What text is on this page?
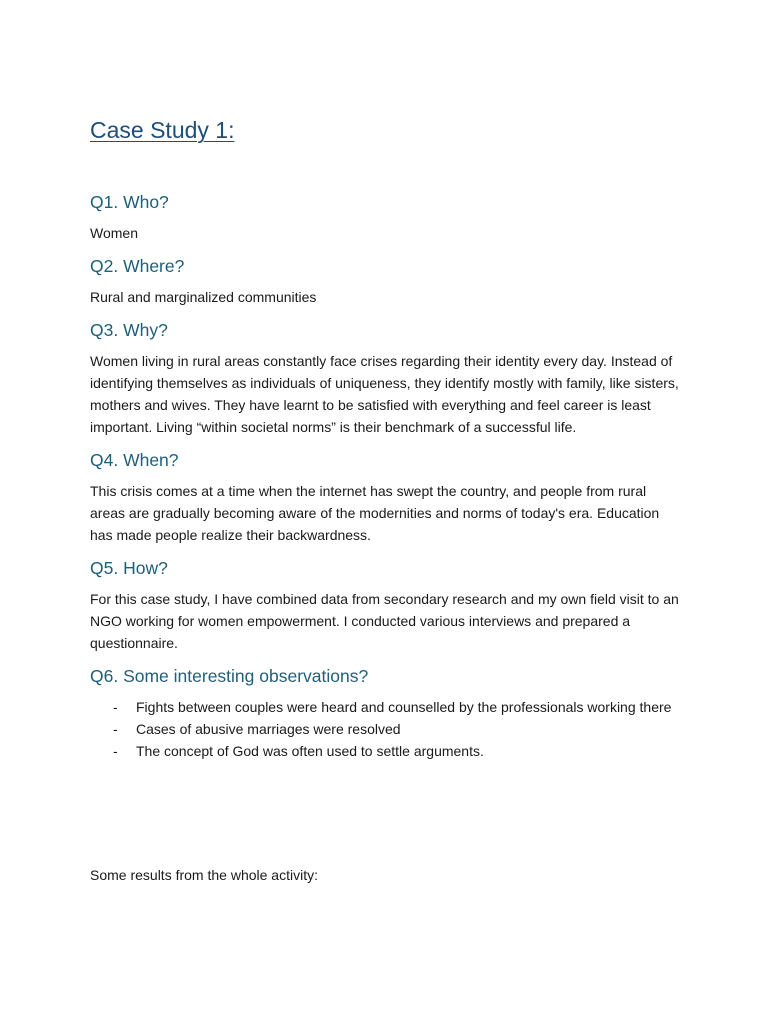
Case Study 1:
Q1. Who?

Women

Q2. Where?

Rural and marginalized communities

Q3. Why?

Women living in rural areas constantly face crises regarding their identity every day. Instead of identifying themselves as individuals of uniqueness, they identify mostly with family, like sisters, mothers and wives. They have learnt to be satisfied with everything and feel career is least important. Living “within societal norms” is their benchmark of a successful life.

Q4. When?

This crisis comes at a time when the internet has swept the country, and people from rural areas are gradually becoming aware of the modernities and norms of today's era. Education has made people realize their backwardness.

Q5. How?

For this case study, I have combined data from secondary research and my own field visit to an NGO working for women empowerment. I conducted various interviews and prepared a questionnaire.

Q6. Some interesting observations?
- Fights between couples were heard and counselled by the professionals working there
- Cases of abusive marriages were resolved
- The concept of God was often used to settle arguments.

Some results from the whole activity:
